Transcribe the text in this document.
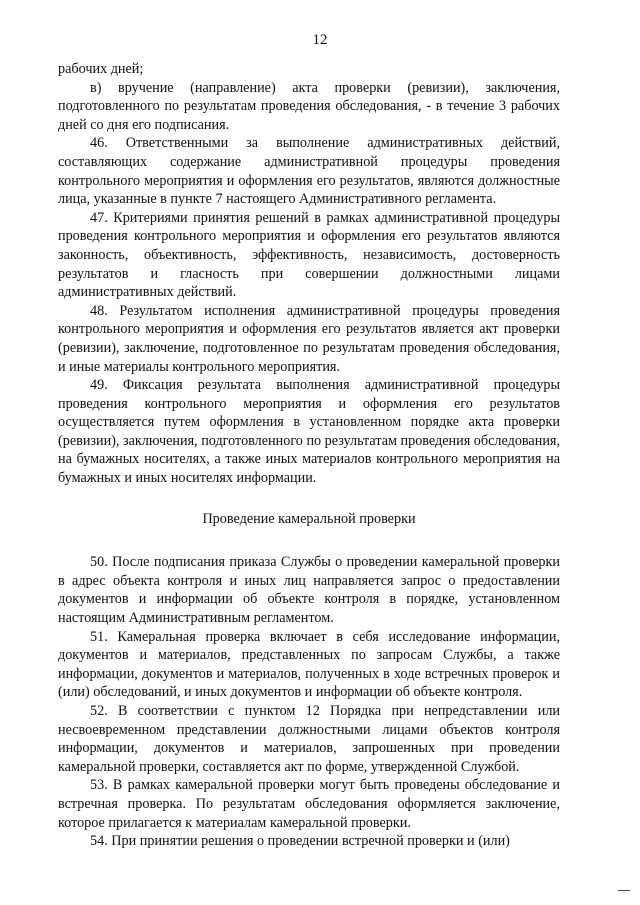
12

рабочих дней;

в) вручение (направление) акта проверки (ревизии), заключения, подготовленного по результатам проведения обследования, - в течение 3 рабочих дней со дня его подписания.

46. Ответственными за выполнение административных действий, составляющих содержание административной процедуры проведения контрольного мероприятия и оформления его результатов, являются должностные лица, указанные в пункте 7 настоящего Административного регламента.

47. Критериями принятия решений в рамках административной процедуры проведения контрольного мероприятия и оформления его результатов являются законность, объективность, эффективность, независимость, достоверность результатов и гласность при совершении должностными лицами административных действий.

48. Результатом исполнения административной процедуры проведения контрольного мероприятия и оформления его результатов является акт проверки (ревизии), заключение, подготовленное по результатам проведения обследования, и иные материалы контрольного мероприятия.

49. Фиксация результата выполнения административной процедуры проведения контрольного мероприятия и оформления его результатов осуществляется путем оформления в установленном порядке акта проверки (ревизии), заключения, подготовленного по результатам проведения обследования, на бумажных носителях, а также иных материалов контрольного мероприятия на бумажных и иных носителях информации.

Проведение камеральной проверки

50. После подписания приказа Службы о проведении камеральной проверки в адрес объекта контроля и иных лиц направляется запрос о предоставлении документов и информации об объекте контроля в порядке, установленном настоящим Административным регламентом.

51. Камеральная проверка включает в себя исследование информации, документов и материалов, представленных по запросам Службы, а также информации, документов и материалов, полученных в ходе встречных проверок и (или) обследований, и иных документов и информации об объекте контроля.

52. В соответствии с пунктом 12 Порядка при непредставлении или несвоевременном представлении должностными лицами объектов контроля информации, документов и материалов, запрошенных при проведении камеральной проверки, составляется акт по форме, утвержденной Службой.

53. В рамках камеральной проверки могут быть проведены обследование и встречная проверка. По результатам обследования оформляется заключение, которое прилагается к материалам камеральной проверки.

54. При принятии решения о проведении встречной проверки и (или)
